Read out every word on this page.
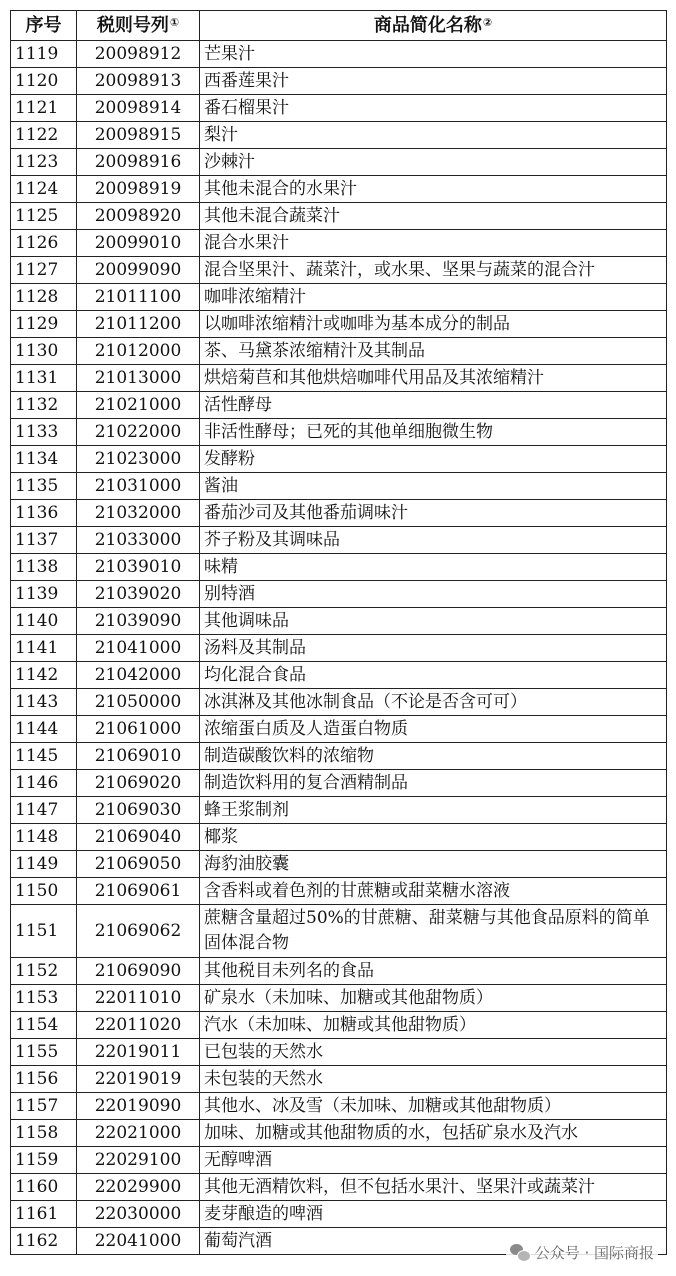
序号	税则号列①	商品简化名称②
1119	20098912	芒果汁
1120	20098913	西番莲果汁
1121	20098914	番石榴果汁
1122	20098915	梨汁
1123	20098916	沙棘汁
1124	20098919	其他未混合的水果汁
1125	20098920	其他未混合蔬菜汁
1126	20099010	混合水果汁
1127	20099090	混合坚果汁、蔬菜汁，或水果、坚果与蔬菜的混合汁
1128	21011100	咖啡浓缩精汁
1129	21011200	以咖啡浓缩精汁或咖啡为基本成分的制品
1130	21012000	茶、马黛茶浓缩精汁及其制品
1131	21013000	烘焙菊苣和其他烘焙咖啡代用品及其浓缩精汁
1132	21021000	活性酵母
1133	21022000	非活性酵母；已死的其他单细胞微生物
1134	21023000	发酵粉
1135	21031000	酱油
1136	21032000	番茄沙司及其他番茄调味汁
1137	21033000	芥子粉及其调味品
1138	21039010	味精
1139	21039020	别特酒
1140	21039090	其他调味品
1141	21041000	汤料及其制品
1142	21042000	均化混合食品
1143	21050000	冰淇淋及其他冰制食品（不论是否含可可）
1144	21061000	浓缩蛋白质及人造蛋白物质
1145	21069010	制造碳酸饮料的浓缩物
1146	21069020	制造饮料用的复合酒精制品
1147	21069030	蜂王浆制剂
1148	21069040	椰浆
1149	21069050	海豹油胶囊
1150	21069061	含香料或着色剂的甘蔗糖或甜菜糖水溶液
1151	21069062	蔗糖含量超过50%的甘蔗糖、甜菜糖与其他食品原料的简单固体混合物
1152	21069090	其他税目未列名的食品
1153	22011010	矿泉水（未加味、加糖或其他甜物质）
1154	22011020	汽水（未加味、加糖或其他甜物质）
1155	22019011	已包装的天然水
1156	22019019	未包装的天然水
1157	22019090	其他水、冰及雪（未加味、加糖或其他甜物质）
1158	22021000	加味、加糖或其他甜物质的水，包括矿泉水及汽水
1159	22029100	无醇啤酒
1160	22029900	其他无酒精饮料，但不包括水果汁、坚果汁或蔬菜汁
1161	22030000	麦芽酿造的啤酒
1162	22041000	葡萄汽酒
公众号 · 国际商报
